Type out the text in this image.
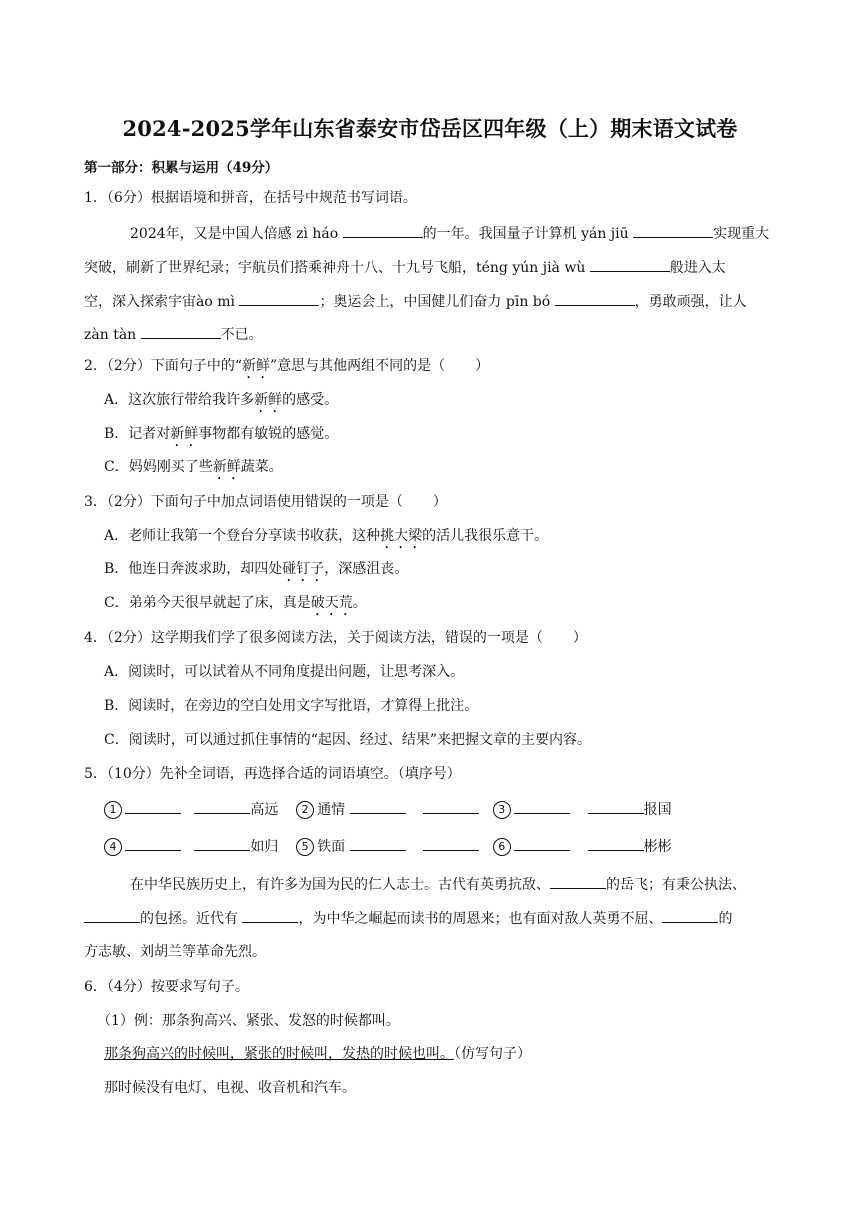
2024-2025学年山东省泰安市岱岳区四年级（上）期末语文试卷
第一部分：积累与运用（49分）
1．（6分）根据语境和拼音，在括号中规范书写词语。
2024年，又是中国人倍感 zì háo	的一年。我国量子计算机 yán jiū	实现重大
突破，刷新了世界纪录；宇航员们搭乘神舟十八、十九号飞船，téng yún jià wù	般进入太
空，深入探索宇宙ào mì	；奥运会上，中国健儿们奋力 pīn bó	，勇敢顽强，让人
zàn tàn	不已。
2．（2分）下面句子中的“新鲜”意思与其他两组不同的是（ ）
A．这次旅行带给我许多新鲜的感受。
B．记者对新鲜事物都有敏锐的感觉。
C．妈妈刚买了些新鲜蔬菜。
3．（2分）下面句子中加点词语使用错误的一项是（ ）
A．老师让我第一个登台分享读书收获，这种挑大梁的活儿我很乐意干。
B．他连日奔波求助，却四处碰钉子，深感沮丧。
C．弟弟今天很早就起了床，真是破天荒。
4．（2分）这学期我们学了很多阅读方法，关于阅读方法，错误的一项是（ ）
A．阅读时，可以试着从不同角度提出问题，让思考深入。
B．阅读时，在旁边的空白处用文字写批语，才算得上批注。
C．阅读时，可以通过抓住事情的“起因、经过、结果”来把握文章的主要内容。
5．（10分）先补全词语，再选择合适的词语填空。（填序号）
1	高远 2 通情	3	报国
4	如归 5 铁面	6	彬彬
在中华民族历史上，有许多为国为民的仁人志士。古代有英勇抗敌、	的岳飞；有秉公执法、
的包拯。近代有	，为中华之崛起而读书的周恩来；也有面对敌人英勇不屈、	的
方志敏、刘胡兰等革命先烈。
6．（4分）按要求写句子。
（1）例：那条狗高兴、紧张、发怒的时候都叫。
那条狗高兴的时候叫，紧张的时候叫，发热的时候也叫。（仿写句子）
那时候没有电灯、电视、收音机和汽车。
